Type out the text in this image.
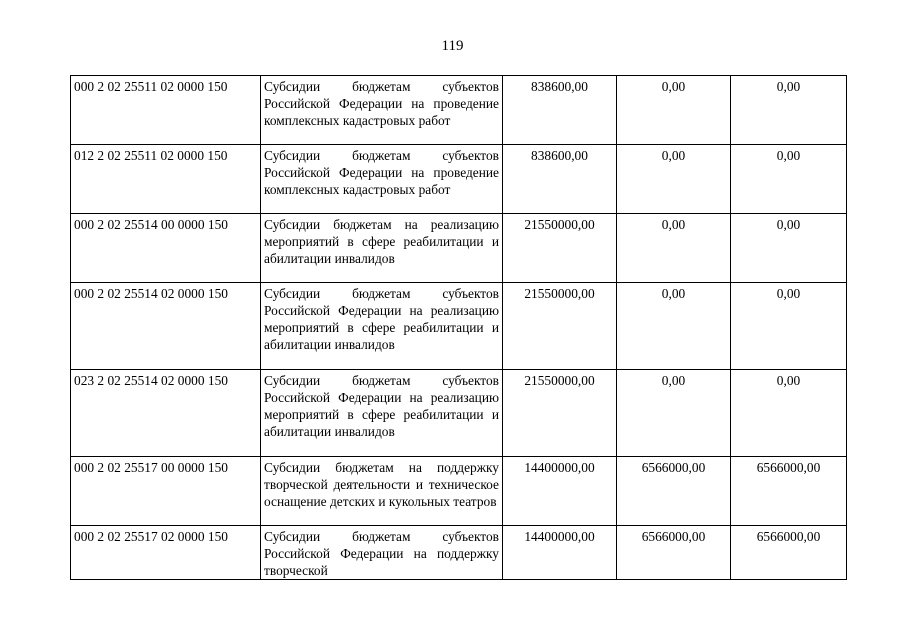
119
000 2 02 25511 02 0000 150	Субсидии бюджетам субъектов Российской Федерации на проведение комплексных кадастровых работ	838600,00	0,00	0,00
012 2 02 25511 02 0000 150	Субсидии бюджетам субъектов Российской Федерации на проведение комплексных кадастровых работ	838600,00	0,00	0,00
000 2 02 25514 00 0000 150	Субсидии бюджетам на реализацию мероприятий в сфере реабилитации и абилитации инвалидов	21550000,00	0,00	0,00
000 2 02 25514 02 0000 150	Субсидии бюджетам субъектов Российской Федерации на реализацию мероприятий в сфере реабилитации и абилитации инвалидов	21550000,00	0,00	0,00
023 2 02 25514 02 0000 150	Субсидии бюджетам субъектов Российской Федерации на реализацию мероприятий в сфере реабилитации и абилитации инвалидов	21550000,00	0,00	0,00
000 2 02 25517 00 0000 150	Субсидии бюджетам на поддержку творческой деятельности и техническое оснащение детских и кукольных театров	14400000,00	6566000,00	6566000,00
000 2 02 25517 02 0000 150	Субсидии бюджетам субъектов Российской Федерации на поддержку творческой	14400000,00	6566000,00	6566000,00
